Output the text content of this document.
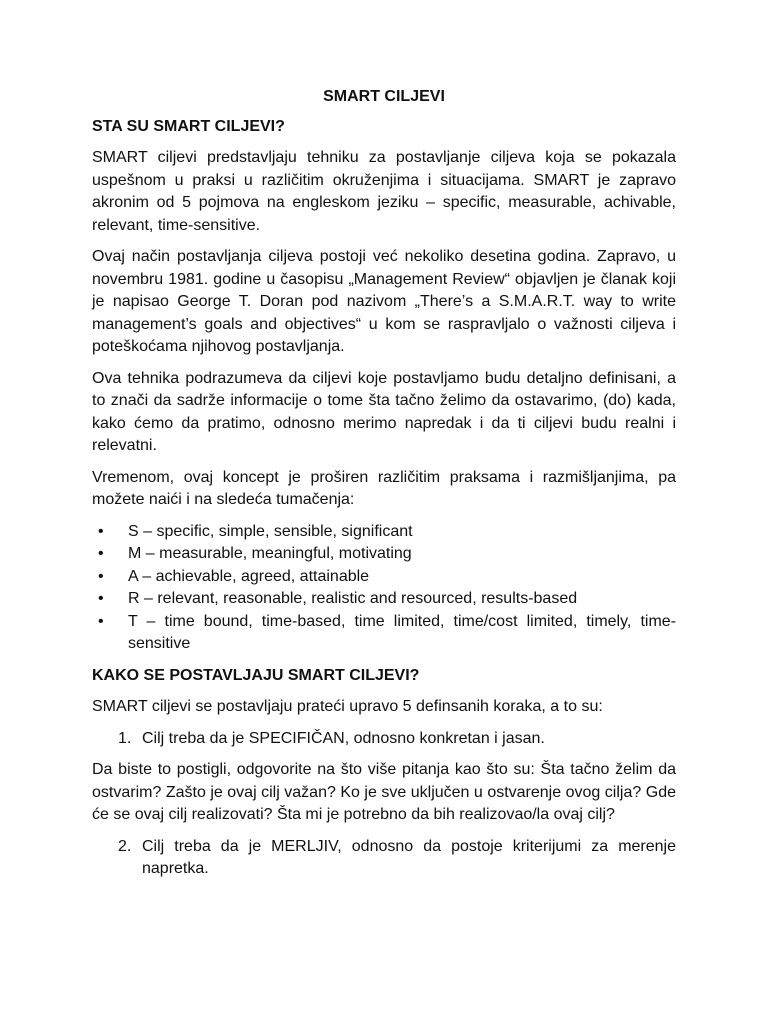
SMART CILJEVI
STA SU SMART CILJEVI?

SMART ciljevi predstavljaju tehniku za postavljanje ciljeva koja se pokazala uspešnom u praksi u različitim okruženjima i situacijama. SMART je zapravo akronim od 5 pojmova na engleskom jeziku – specific, measurable, achivable, relevant, time-sensitive.

Ovaj način postavljanja ciljeva postoji već nekoliko desetina godina. Zapravo, u novembru 1981. godine u časopisu „Management Review“ objavljen je članak koji je napisao George T. Doran pod nazivom „There’s a S.M.A.R.T. way to write management’s goals and objectives“ u kom se raspravljalo o važnosti ciljeva i poteškoćama njihovog postavljanja.

Ova tehnika podrazumeva da ciljevi koje postavljamo budu detaljno definisani, a to znači da sadrže informacije o tome šta tačno želimo da ostavarimo, (do) kada, kako ćemo da pratimo, odnosno merimo napredak i da ti ciljevi budu realni i relevatni.

Vremenom, ovaj koncept je proširen različitim praksama i razmišljanjima, pa možete naići i na sledeća tumačenja:

• S – specific, simple, sensible, significant
• M – measurable, meaningful, motivating
• A – achievable, agreed, attainable
• R – relevant, reasonable, realistic and resourced, results-based
• T – time bound, time-based, time limited, time/cost limited, timely, time-sensitive
KAKO SE POSTAVLJAJU SMART CILJEVI?

SMART ciljevi se postavljaju prateći upravo 5 definsanih koraka, a to su:

1. Cilj treba da je SPECIFIČAN, odnosno konkretan i jasan.

Da biste to postigli, odgovorite na što više pitanja kao što su: Šta tačno želim da ostvarim? Zašto je ovaj cilj važan? Ko je sve uključen u ostvarenje ovog cilja? Gde će se ovaj cilj realizovati? Šta mi je potrebno da bih realizovao/la ovaj cilj?

2. Cilj treba da je MERLJIV, odnosno da postoje kriterijumi za merenje napretka.
